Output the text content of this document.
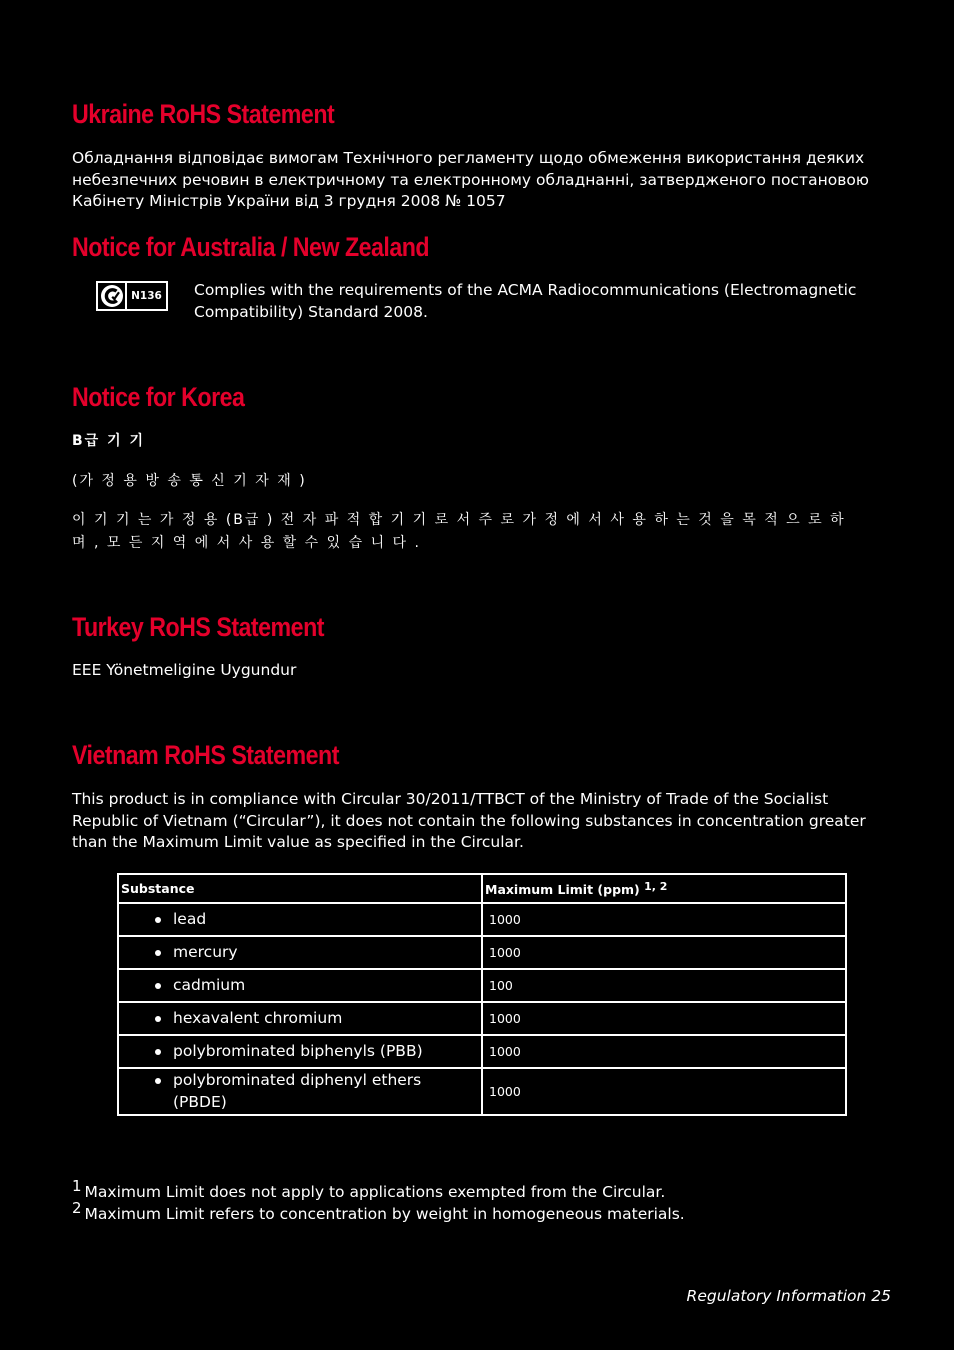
Ukraine RoHS Statement
Обладнання відповідає вимогам Технічного регламенту щодо обмеження використання деяких
небезпечних речовин в електричному та електронному обладнанні, затвердженого постановою
Кабінету Міністрів України від 3 грудня 2008 № 1057
Notice for Australia / New Zealand
N136 Complies with the requirements of the ACMA Radiocommunications (Electromagnetic
Compatibility) Standard 2008.
Notice for Korea

B급 기 기

(가 정 용 방 송 통 신 기 자 재 )

이 기 기 는 가 정 용 (B급 ) 전 자 파 적 합 기 기 로 서 주 로 가 정 에 서 사 용 하 는 것 을 목 적 으 로 하
며 , 모 든 지 역 에 서 사 용 할 수 있 습 니 다 .
Turkey RoHS Statement

EEE Yönetmeligine Uygundur

Vietnam RoHS Statement
This product is in compliance with Circular 30/2011/TTBCT of the Ministry of Trade of the Socialist
Republic of Vietnam (“Circular”), it does not contain the following substances in concentration greater
than the Maximum Limit value as specified in the Circular.
Substance	Maximum Limit (ppm) $^{1, 2}$

lead	1000

mercury	1000

cadmium	100

hexavalent chromium	1000

polybrominated biphenyls (PBB)	1000

polybrominated diphenyl ethers (PBDE)	1000

$^1$ Maximum Limit does not apply to applications exempted from the Circular.

$^2$ Maximum Limit refers to concentration by weight in homogeneous materials.

Regulatory Information 25
